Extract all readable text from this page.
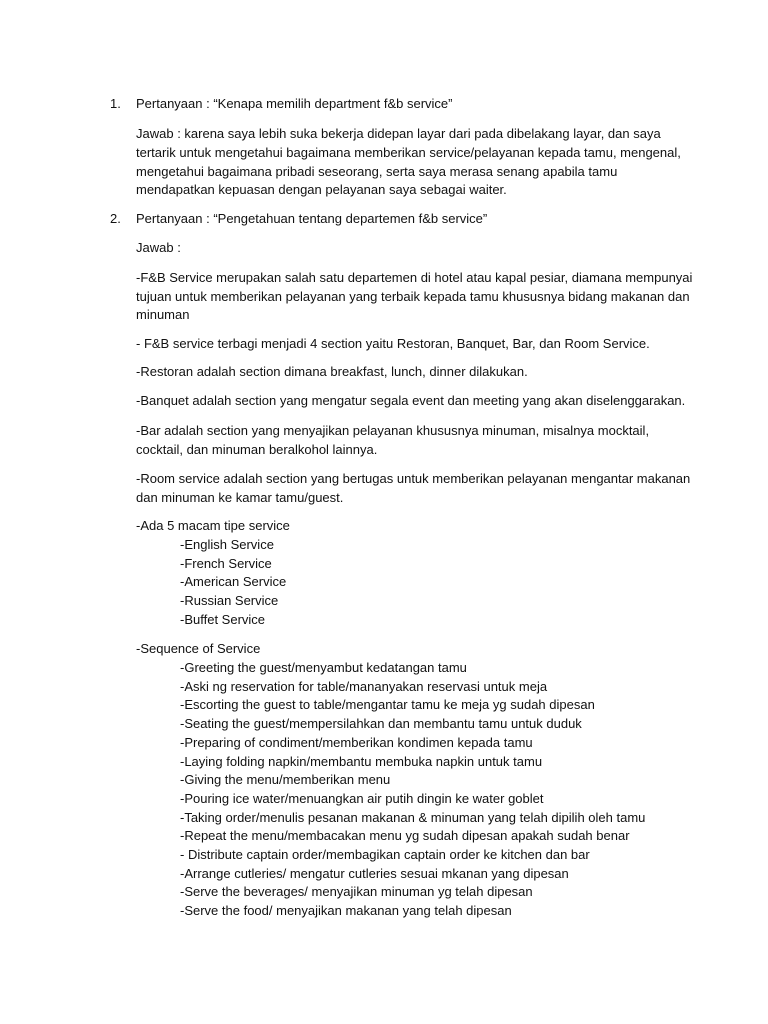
1. Pertanyaan : “Kenapa memilih department f&b service”
Jawab : karena saya lebih suka bekerja didepan layar dari pada dibelakang layar, dan saya
tertarik untuk mengetahui bagaimana memberikan service/pelayanan kepada tamu, mengenal,
mengetahui bagaimana pribadi seseorang, serta saya merasa senang apabila tamu
mendapatkan kepuasan dengan pelayanan saya sebagai waiter.
2. Pertanyaan : “Pengetahuan tentang departemen f&b service”
Jawab :
-F&B Service merupakan salah satu departemen di hotel atau kapal pesiar, diamana mempunyai
tujuan untuk memberikan pelayanan yang terbaik kepada tamu khususnya bidang makanan dan
minuman
- F&B service terbagi menjadi 4 section yaitu Restoran, Banquet, Bar, dan Room Service.
-Restoran adalah section dimana breakfast, lunch, dinner dilakukan.
-Banquet adalah section yang mengatur segala event dan meeting yang akan diselenggarakan.
-Bar adalah section yang menyajikan pelayanan khususnya minuman, misalnya mocktail,
cocktail, dan minuman beralkohol lainnya.
-Room service adalah section yang bertugas untuk memberikan pelayanan mengantar makanan
dan minuman ke kamar tamu/guest.
-Ada 5 macam tipe service
-English Service
-French Service
-American Service
-Russian Service
-Buffet Service
-Sequence of Service
-Greeting the guest/menyambut kedatangan tamu
-Aski ng reservation for table/mananyakan reservasi untuk meja
-Escorting the guest to table/mengantar tamu ke meja yg sudah dipesan
-Seating the guest/mempersilahkan dan membantu tamu untuk duduk
-Preparing of condiment/memberikan kondimen kepada tamu
-Laying folding napkin/membantu membuka napkin untuk tamu
-Giving the menu/memberikan menu
-Pouring ice water/menuangkan air putih dingin ke water goblet
-Taking order/menulis pesanan makanan & minuman yang telah dipilih oleh tamu
-Repeat the menu/membacakan menu yg sudah dipesan apakah sudah benar
- Distribute captain order/membagikan captain order ke kitchen dan bar
-Arrange cutleries/ mengatur cutleries sesuai mkanan yang dipesan
-Serve the beverages/ menyajikan minuman yg telah dipesan
-Serve the food/ menyajikan makanan yang telah dipesan
